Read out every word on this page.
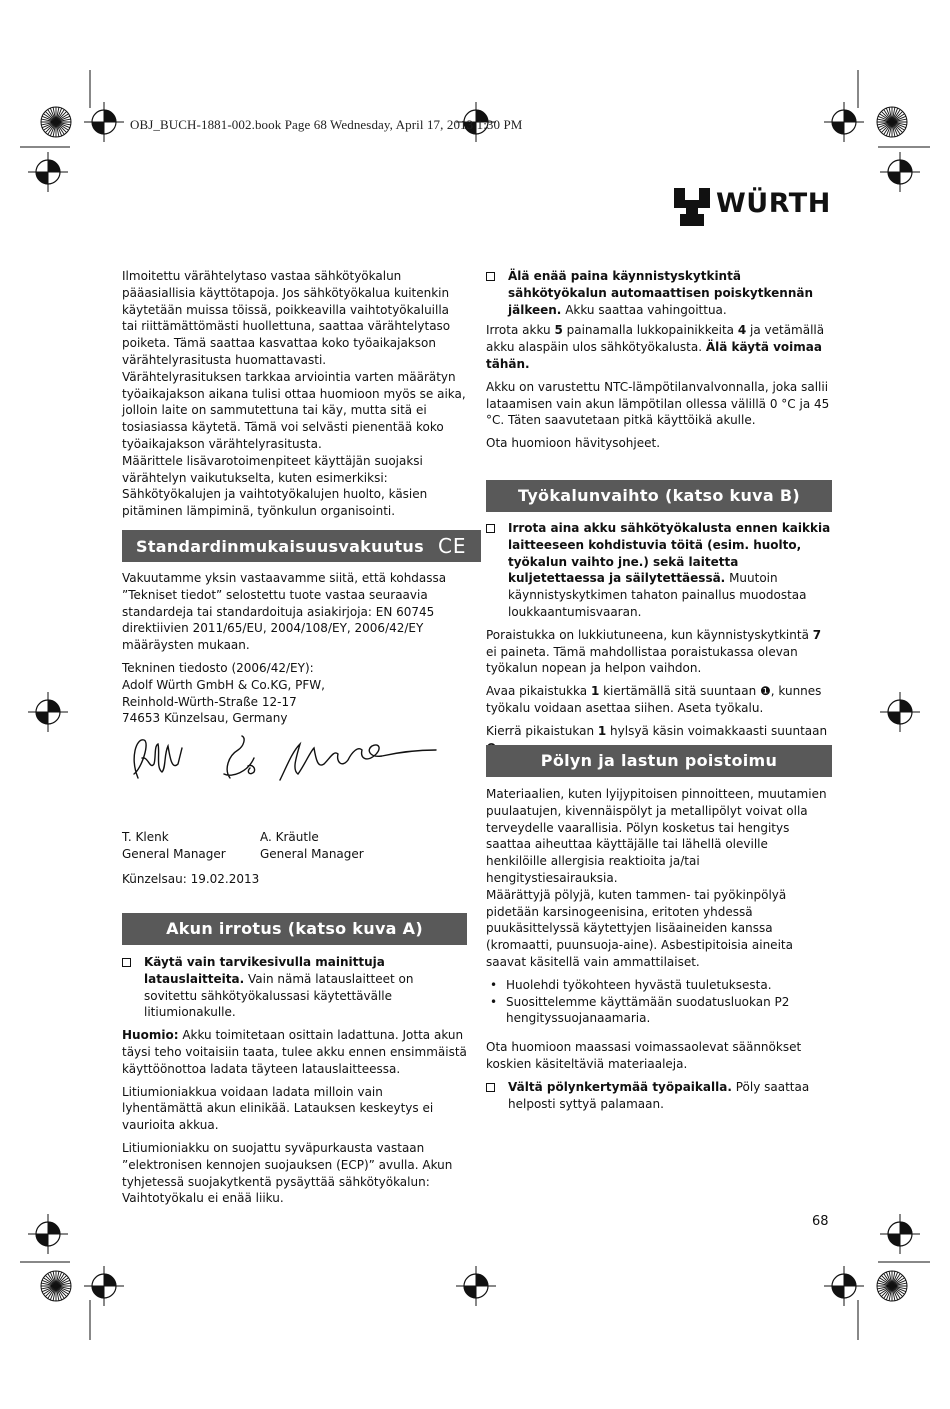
OBJ_BUCH-1881-002.book Page 68 Wednesday, April 17, 2013 1:30 PM
WÜRTH

Ilmoitettu värähtelytaso vastaa sähkötyökalun pääasiallisia käyttötapoja. Jos sähkötyökalua kuitenkin käytetään muissa töissä, poikkeavilla vaihtotyökaluilla tai riittämättömästi huollettuna, saattaa värähtelytaso poiketa. Tämä saattaa kasvattaa koko työaikajakson värähtelyrasitusta huomattavasti.

Värähtelyrasituksen tarkkaa arviointia varten määrätyn työaikajakson aikana tulisi ottaa huomioon myös se aika, jolloin laite on sammutettuna tai käy, mutta sitä ei tosiasiassa käytetä. Tämä voi selvästi pienentää koko työaikajakson värähtelyrasitusta.

Määrittele lisävarotoimenpiteet käyttäjän suojaksi värähtelyn vaikutukselta, kuten esimerkiksi: Sähkötyökalujen ja vaihtotyökalujen huolto, käsien pitäminen lämpiminä, työnkulun organisointi.

Standardinmukaisuusvakuutus CE

Vakuutamme yksin vastaavamme siitä, että kohdassa ”Tekniset tiedot” selostettu tuote vastaa seuraavia standardeja tai standardoituja asiakirjoja: EN 60745 direktiivien 2011/65/EU, 2004/108/EY, 2006/42/EY määräysten mukaan.

Tekninen tiedosto (2006/42/EY):

Adolf Würth GmbH & Co.KG, PFW,

Reinhold-Würth-Straße 12-17

74653 Künzelsau, Germany

T. Klenk
General Manager
A. Kräutle
General Manager
Künzelsau: 19.02.2013
Akun irrotus (katso kuva A)

Käytä vain tarvikesivulla mainittuja latauslaitteita. Vain nämä latauslaitteet on sovitettu sähkötyökalussasi käytettävälle litiumionakulle.

Huomio: Akku toimitetaan osittain ladattuna. Jotta akun täysi teho voitaisiin taata, tulee akku ennen ensimmäistä käyttöönottoa ladata täyteen latauslaitteessa.

Litiumioniakkua voidaan ladata milloin vain lyhentämättä akun elinikää. Latauksen keskeytys ei vaurioita akkua.

Litiumioniakku on suojattu syväpurkausta vastaan ”elektronisen kennojen suojauksen (ECP)” avulla. Akun tyhjetessä suojakytkentä pysäyttää sähkötyökalun: Vaihtotyökalu ei enää liiku.

Älä enää paina käynnistyskytkintä sähkötyökalun automaattisen poiskytkennän jälkeen. Akku saattaa vahingoittua.

Irrota akku 5 painamalla lukkopainikkeita 4 ja vetämällä akku alaspäin ulos sähkötyökalusta. Älä käytä voimaa tähän.

Akku on varustettu NTC-lämpötilanvalvonnalla, joka sallii lataamisen vain akun lämpötilan ollessa välillä 0 °C ja 45 °C. Täten saavutetaan pitkä käyttöikä akulle.

Ota huomioon hävitysohjeet.

Työkalunvaihto (katso kuva B)

Irrota aina akku sähkötyökalusta ennen kaikkia laitteeseen kohdistuvia töitä (esim. huolto, työkalun vaihto jne.) sekä laitetta kuljetettaessa ja säilytettäessä. Muutoin käynnistyskytkimen tahaton painallus muodostaa loukkaantumisvaaran.

Poraistukka on lukkiutuneena, kun käynnistyskytkintä 7 ei paineta. Tämä mahdollistaa poraistukassa olevan työkalun nopean ja helpon vaihdon.

Avaa pikaistukka 1 kiertämällä sitä suuntaan ❶, kunnes työkalu voidaan asettaa siihen. Aseta työkalu.

Kierrä pikaistukan 1 hylsyä käsin voimakkaasti suuntaan

Pölyn ja lastun poistoimu

Materiaalien, kuten lyijypitoisen pinnoitteen, muutamien puulaatujen, kivennäispölyt ja metallipölyt voivat olla terveydelle vaarallisia. Pölyn kosketus tai hengitys saattaa aiheuttaa käyttäjälle tai lähellä oleville henkilöille allergisia reaktioita ja/tai hengitystiesairauksia.

Määrättyjä pölyjä, kuten tammen- tai pyökinpölyä pidetään karsinogeenisina, eritoten yhdessä puukäsittelyssä käytettyjen lisäaineiden kanssa (kromaatti, puunsuoja-aine). Asbestipitoisia aineita saavat käsitellä vain ammattilaiset.

• Huolehdi työkohteen hyvästä tuuletuksesta.

• Suosittelemme käyttämään suodatusluokan P2 hengityssuojanaamaria.

Ota huomioon maassasi voimassaolevat säännökset koskien käsiteltäviä materiaaleja.

Vältä pölynkertymää työpaikalla. Pöly saattaa helposti syttyä palamaan.

68
